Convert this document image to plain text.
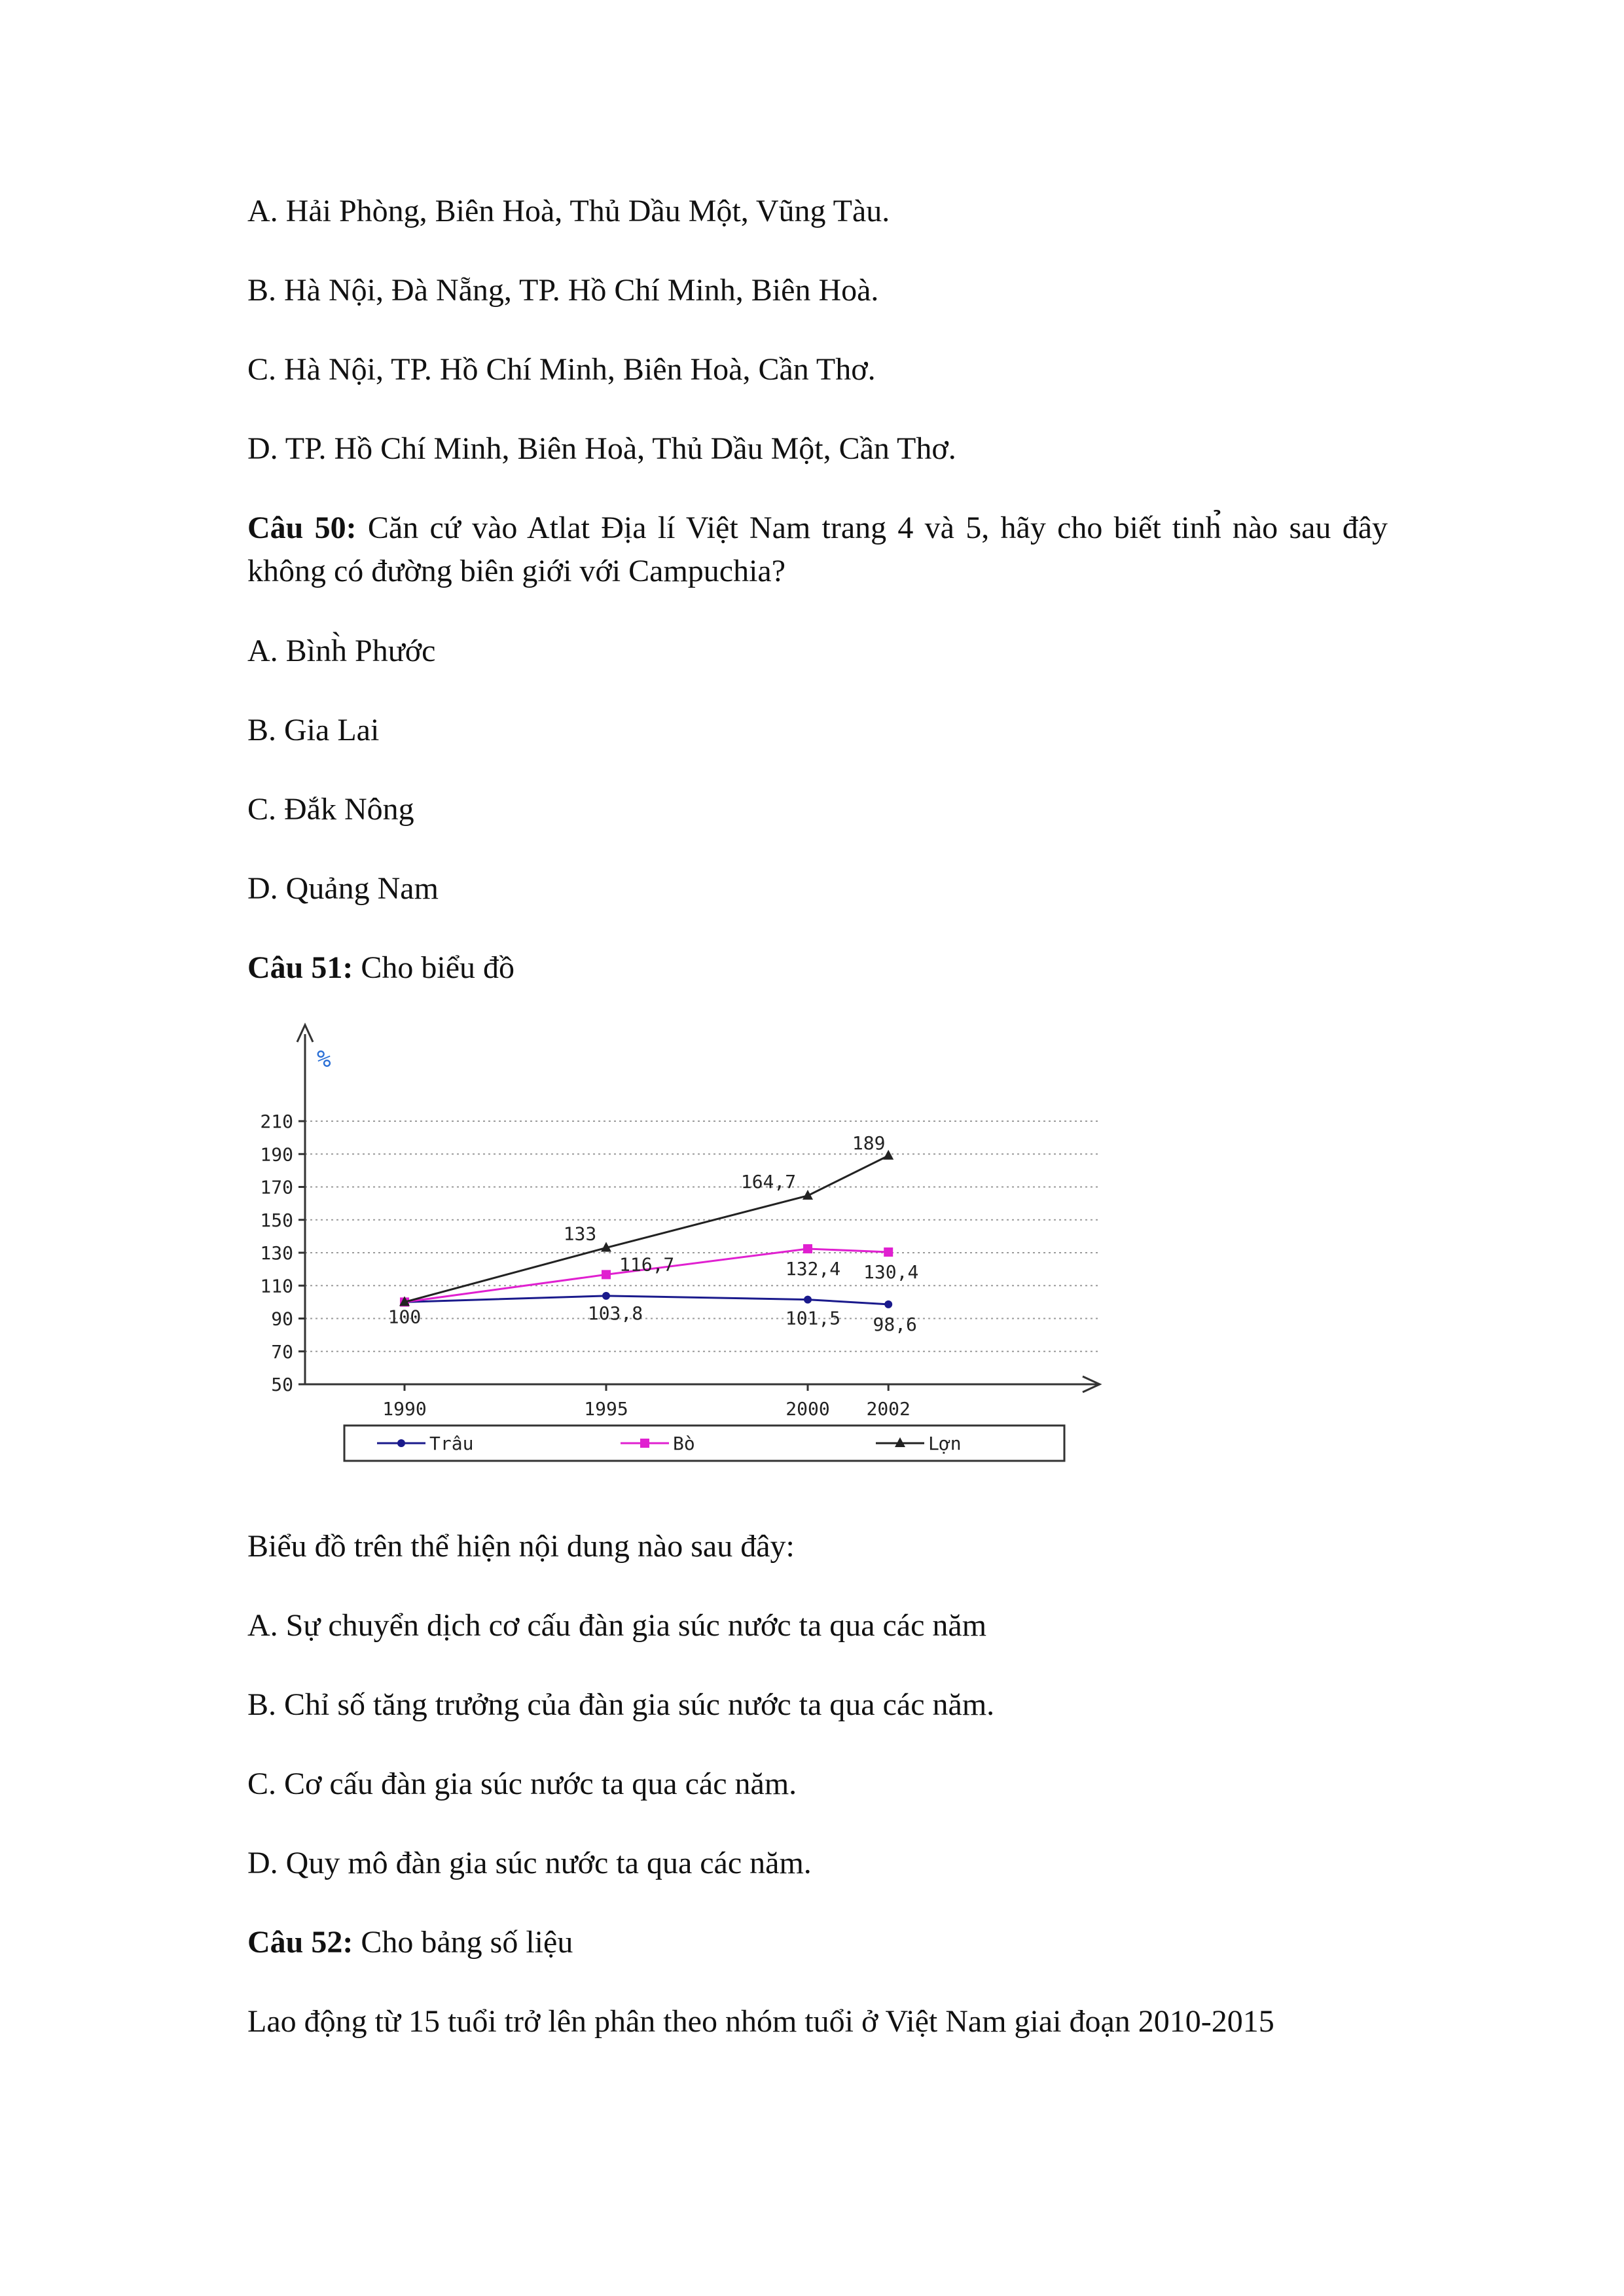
A. Hải Phòng, Biên Hoà, Thủ Dầu Một, Vũng Tàu.
B. Hà Nội, Đà Nẵng, TP. Hồ Chí Minh, Biên Hoà.
C. Hà Nội, TP. Hồ Chí Minh, Biên Hoà, Cần Thơ.
D. TP. Hồ Chí Minh, Biên Hoà, Thủ Dầu Một, Cần Thơ.
Câu 50: Căn cứ vào Atlat Địa lí Việt Nam trang 4 và 5, hãy cho biết tinh̉ nào sau đây không có đường biên giới với Campuchia?
A. Bình̀ Phước
B. Gia Lai
C. Đắk Nông
D. Quảng Nam
Câu 51: Cho biểu đồ
50
70
90
110
130
150
170
190
210
%
1990	1995	2000 2002
100	103,8	101,5 98,6
116,7	132,4 130,4
133
164,7
189
Trâu	Bò	Lợn
Biểu đồ trên thể hiện nội dung nào sau đây:
A. Sự chuyển dịch cơ cấu đàn gia súc nước ta qua các năm
B. Chỉ số tăng trưởng của đàn gia súc nước ta qua các năm.
C. Cơ cấu đàn gia súc nước ta qua các năm.
D. Quy mô đàn gia súc nước ta qua các năm.
Câu 52: Cho bảng số liệu
Lao động từ 15 tuổi trở lên phân theo nhóm tuổi ở Việt Nam giai đoạn 2010-2015
